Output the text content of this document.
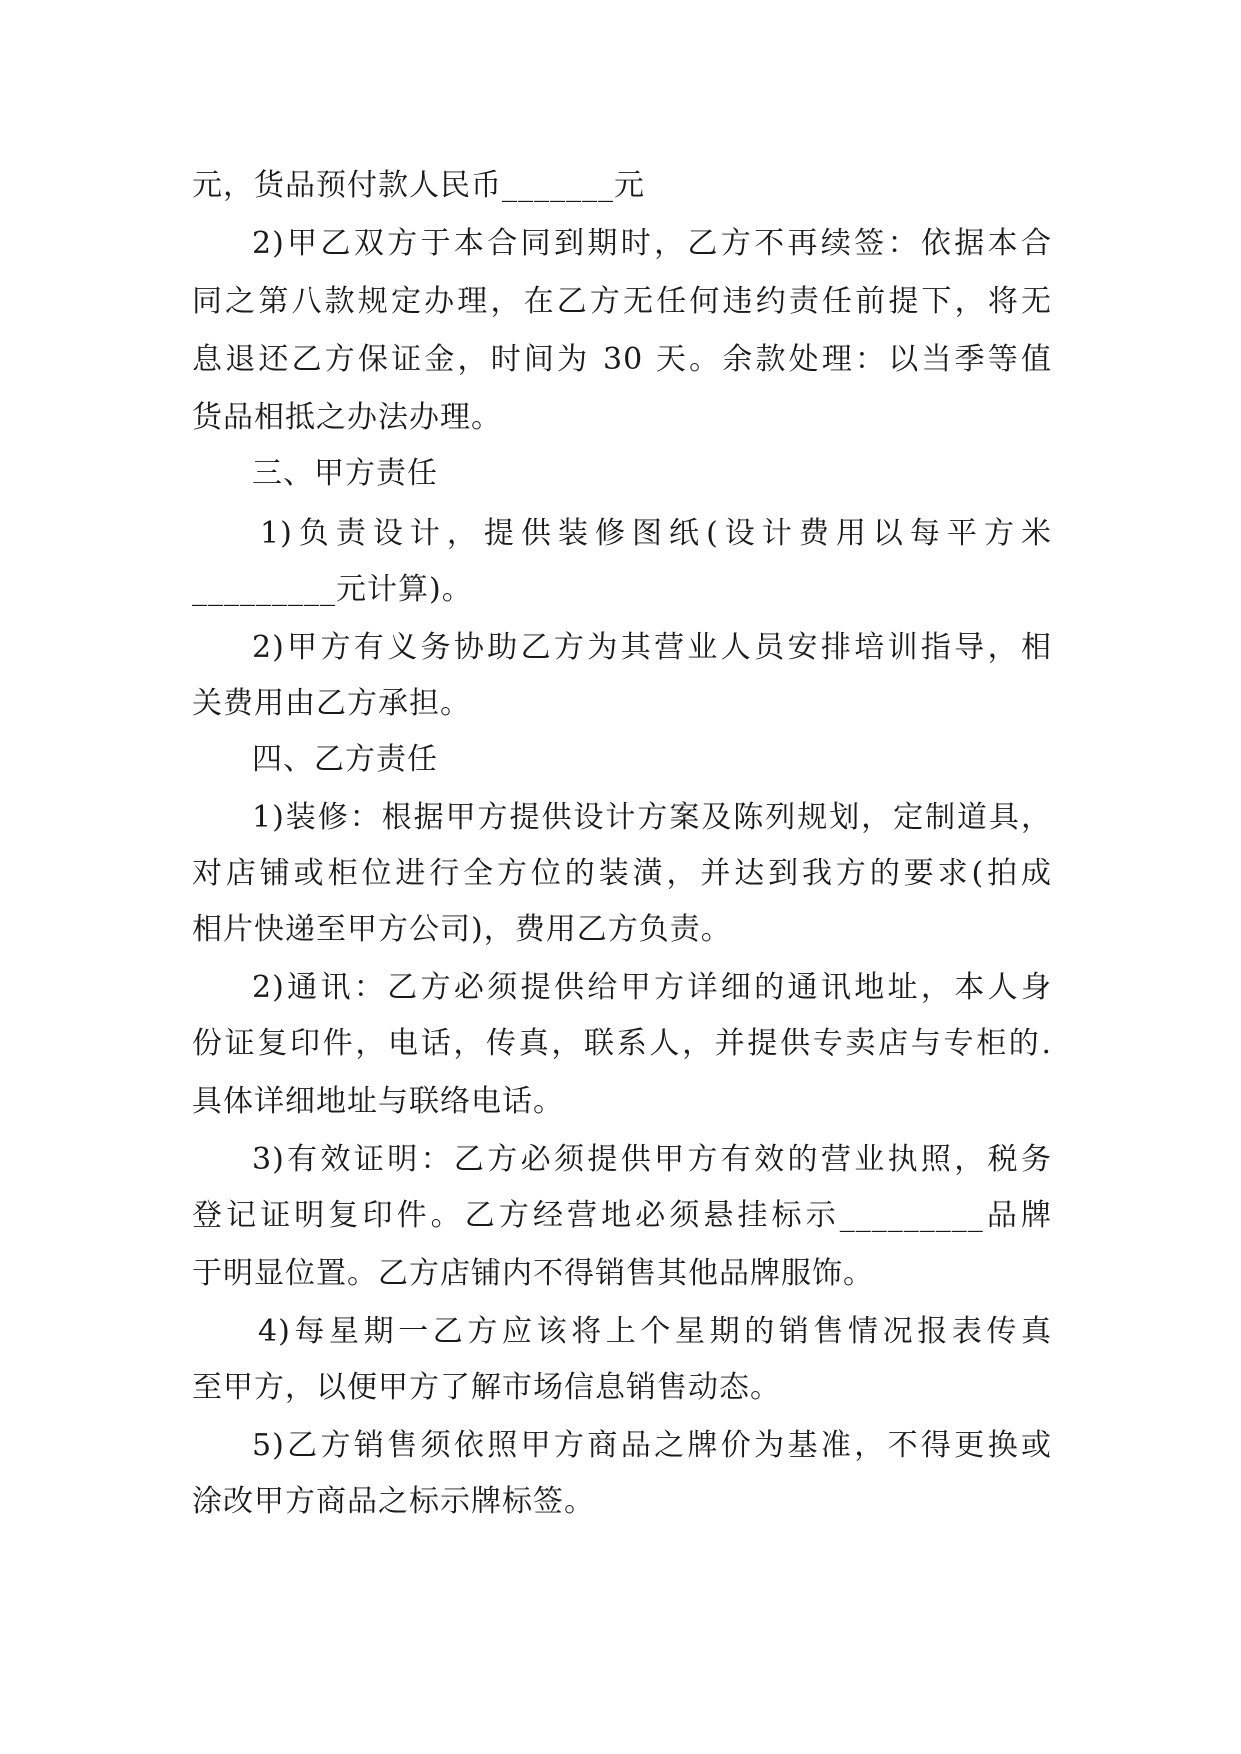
元，货品预付款人民币_______元
2)甲乙双方于本合同到期时，乙方不再续签：依据本合
同之第八款规定办理，在乙方无任何违约责任前提下，将无
息退还乙方保证金，时间为 30 天。余款处理：以当季等值
货品相抵之办法办理。
三、甲方责任
1)负责设计，提供装修图纸(设计费用以每平方米
_________元计算)。
2)甲方有义务协助乙方为其营业人员安排培训指导，相
关费用由乙方承担。
四、乙方责任
1)装修：根据甲方提供设计方案及陈列规划，定制道具，
对店铺或柜位进行全方位的装潢，并达到我方的要求(拍成
相片快递至甲方公司)，费用乙方负责。
2)通讯：乙方必须提供给甲方详细的通讯地址，本人身
份证复印件，电话，传真，联系人，并提供专卖店与专柜的.
具体详细地址与联络电话。
3)有效证明：乙方必须提供甲方有效的营业执照，税务
登记证明复印件。乙方经营地必须悬挂标示_________品牌
于明显位置。乙方店铺内不得销售其他品牌服饰。
4)每星期一乙方应该将上个星期的销售情况报表传真
至甲方，以便甲方了解市场信息销售动态。
5)乙方销售须依照甲方商品之牌价为基准，不得更换或
涂改甲方商品之标示牌标签。
